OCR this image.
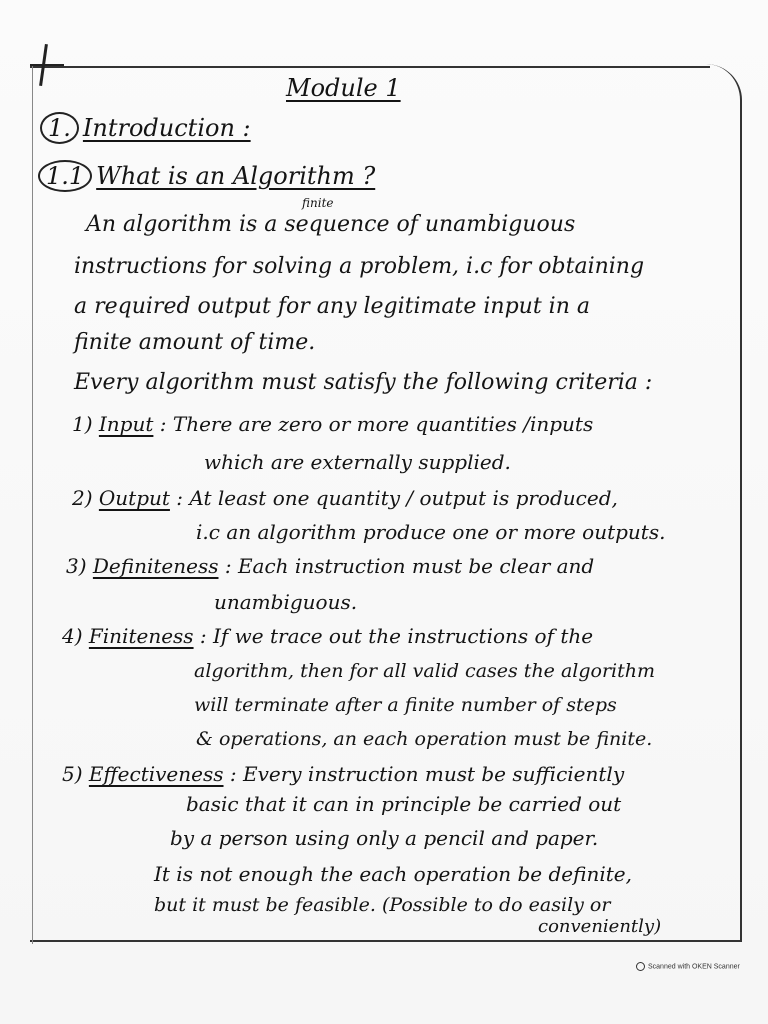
Module 1
1. Introduction :
1.1 What is an Algorithm ?
finite
An algorithm is a sequence of unambiguous
instructions for solving a problem, i.c for obtaining
a required output for any legitimate input in a
finite amount of time.
Every algorithm must satisfy the following criteria :
1) Input : There are zero or more quantities /inputs
which are externally supplied.
2) Output : At least one quantity / output is produced,
i.c an algorithm produce one or more outputs.
3) Definiteness : Each instruction must be clear and
unambiguous.
4) Finiteness : If we trace out the instructions of the
algorithm, then for all valid cases the algorithm
will terminate after a finite number of steps
& operations, an each operation must be finite.
5) Effectiveness : Every instruction must be sufficiently
basic that it can in principle be carried out
by a person using only a pencil and paper.
It is not enough the each operation be definite,
but it must be feasible. (Possible to do easily or
conveniently)
Scanned with OKEN Scanner
